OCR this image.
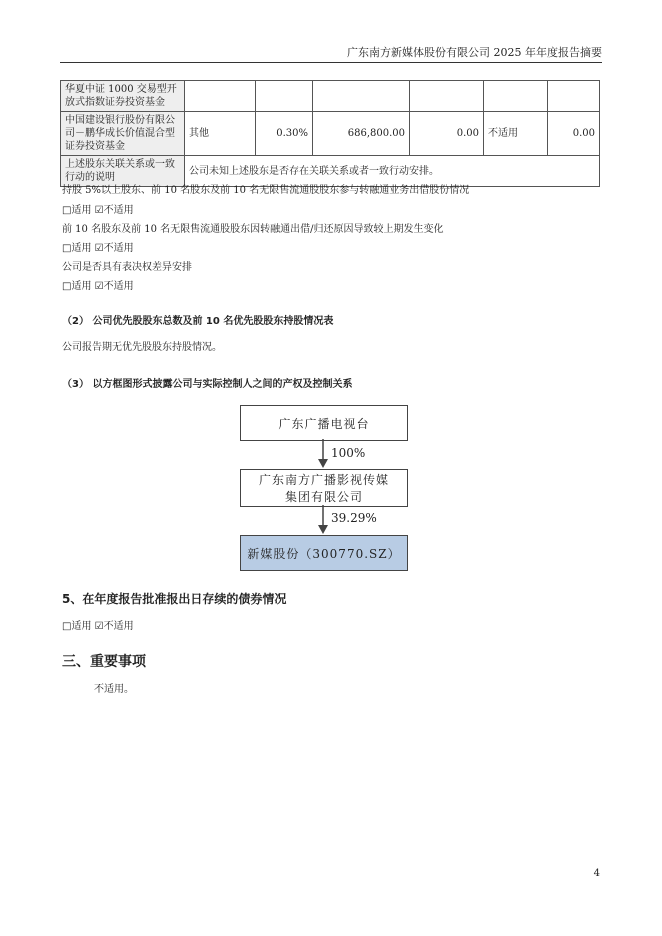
广东南方新媒体股份有限公司 2025 年年度报告摘要
华夏中证 1000 交易型开放式指数证券投资基金						
中国建设银行股份有限公司－鹏华成长价值混合型证券投资基金	其他	0.30%	686,800.00	0.00	不适用	0.00
上述股东关联关系或一致行动的说明	公司未知上述股东是否存在关联关系或者一致行动安排。					
持股 5%以上股东、前 10 名股东及前 10 名无限售流通股股东参与转融通业务出借股份情况
□适用 ☑不适用
前 10 名股东及前 10 名无限售流通股股东因转融通出借/归还原因导致较上期发生变化
□适用 ☑不适用
公司是否具有表决权差异安排
□适用 ☑不适用
（2） 公司优先股股东总数及前 10 名优先股股东持股情况表
公司报告期无优先股股东持股情况。
（3） 以方框图形式披露公司与实际控制人之间的产权及控制关系
广东广播电视台
100%
广东南方广播影视传媒
集团有限公司
39.29%
新媒股份（300770.SZ）
5、在年度报告批准报出日存续的债券情况
□适用 ☑不适用
三、重要事项
不适用。
4
